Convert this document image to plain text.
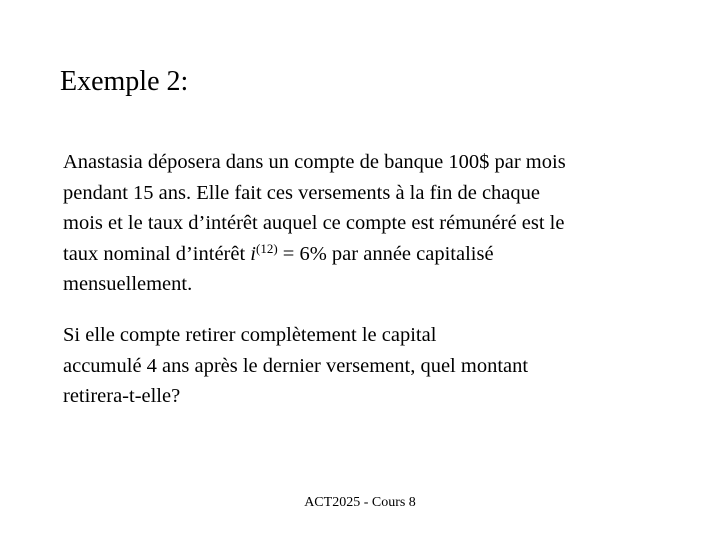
Exemple 2:

Anastasia déposera dans un compte de banque 100$ par mois
pendant 15 ans. Elle fait ces versements à la fin de chaque
mois et le taux d’intérêt auquel ce compte est rémunéré est le
taux nominal d’intérêt $i^{(12)} = 6\%$ par année capitalisé
mensuellement.

Si elle compte retirer complètement le capital
accumulé 4 ans après le dernier versement, quel montant
retirera-t-elle?

ACT2025 - Cours 8
